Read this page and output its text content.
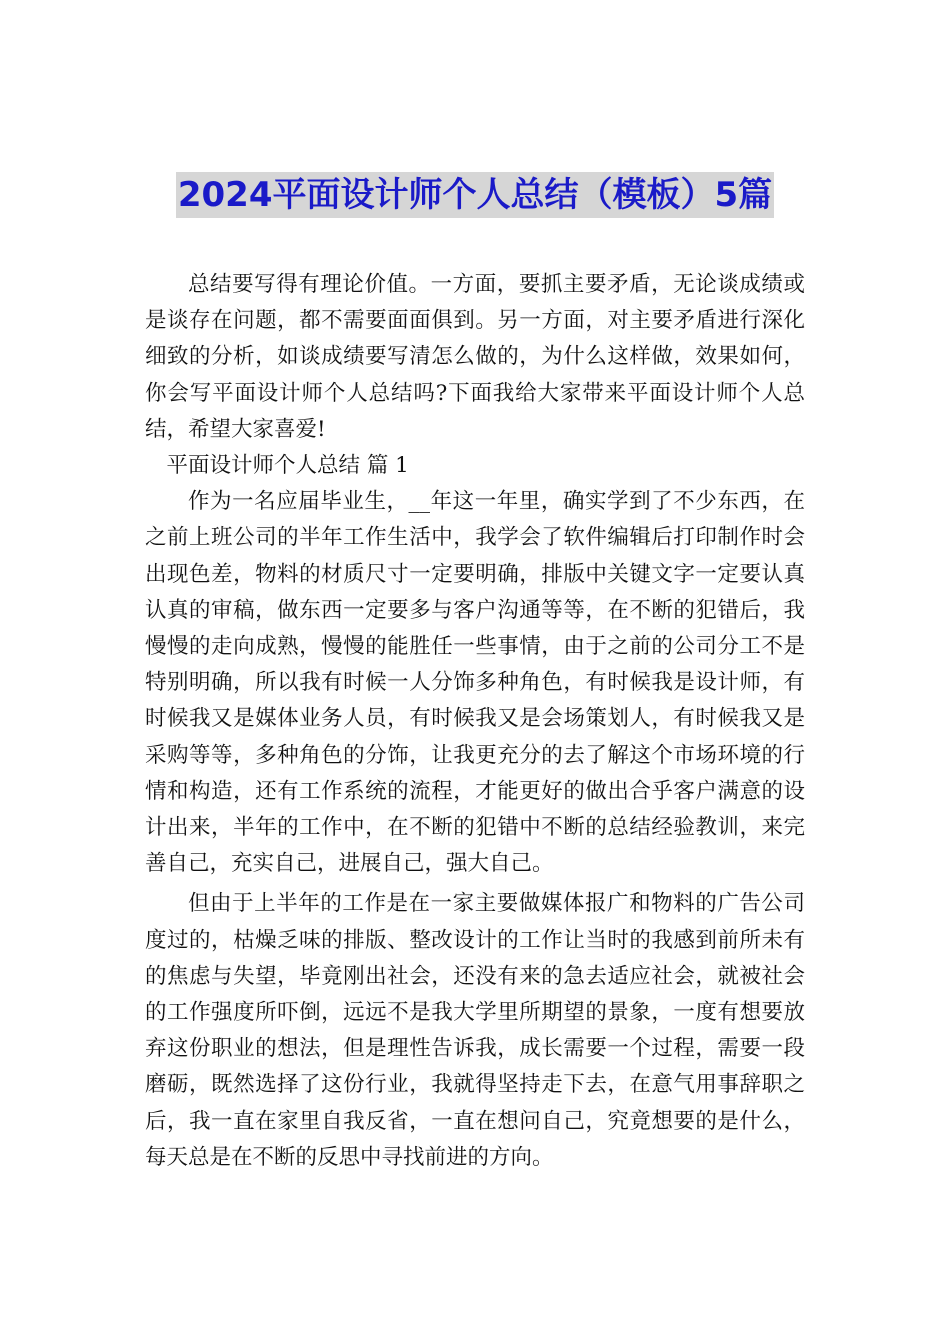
2024平面设计师个人总结（模板）5篇

总结要写得有理论价值。一方面，要抓主要矛盾，无论谈成绩或是谈存在问题，都不需要面面俱到。另一方面，对主要矛盾进行深化细致的分析，如谈成绩要写清怎么做的，为什么这样做，效果如何，你会写平面设计师个人总结吗?下面我给大家带来平面设计师个人总结，希望大家喜爱!

平面设计师个人总结 篇 1

作为一名应届毕业生，__年这一年里，确实学到了不少东西，在之前上班公司的半年工作生活中，我学会了软件编辑后打印制作时会出现色差，物料的材质尺寸一定要明确，排版中关键文字一定要认真认真的审稿，做东西一定要多与客户沟通等等，在不断的犯错后，我慢慢的走向成熟，慢慢的能胜任一些事情，由于之前的公司分工不是特别明确，所以我有时候一人分饰多种角色，有时候我是设计师，有时候我又是媒体业务人员，有时候我又是会场策划人，有时候我又是采购等等，多种角色的分饰，让我更充分的去了解这个市场环境的行情和构造，还有工作系统的流程，才能更好的做出合乎客户满意的设计出来，半年的工作中，在不断的犯错中不断的总结经验教训，来完善自己，充实自己，进展自己，强大自己。

但由于上半年的工作是在一家主要做媒体报广和物料的广告公司度过的，枯燥乏味的排版、整改设计的工作让当时的我感到前所未有的焦虑与失望，毕竟刚出社会，还没有来的急去适应社会，就被社会的工作强度所吓倒，远远不是我大学里所期望的景象，一度有想要放弃这份职业的想法，但是理性告诉我，成长需要一个过程，需要一段磨砺，既然选择了这份行业，我就得坚持走下去，在意气用事辞职之后，我一直在家里自我反省，一直在想问自己，究竟想要的是什么，每天总是在不断的反思中寻找前进的方向。
